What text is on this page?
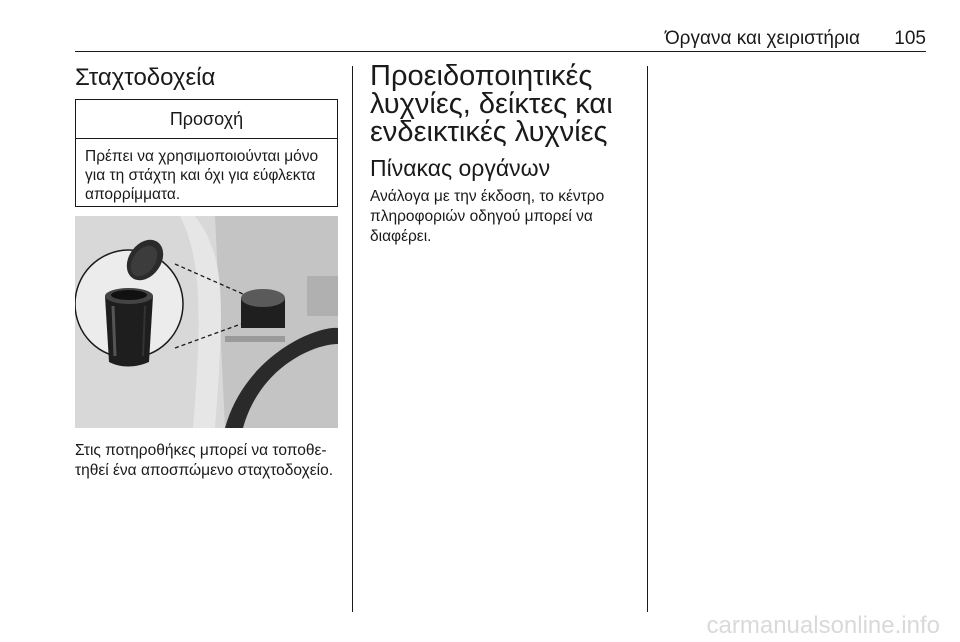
Όργανα και χειριστήρια	105
Σταχτοδοχεία
Προσοχή
Πρέπει να χρησιμοποιούνται μόνο για τη στάχτη και όχι για εύφλεκτα απορρίμματα.
Στις ποτηροθήκες μπορεί να τοποθε-τηθεί ένα αποσπώμενο σταχτοδοχείο.
Προειδοποιητικές λυχνίες, δείκτες και ενδεικτικές λυχνίες
Πίνακας οργάνων
Ανάλογα με την έκδοση, το κέντρο πληροφοριών οδηγού μπορεί να διαφέρει.
carmanualsonline.info
